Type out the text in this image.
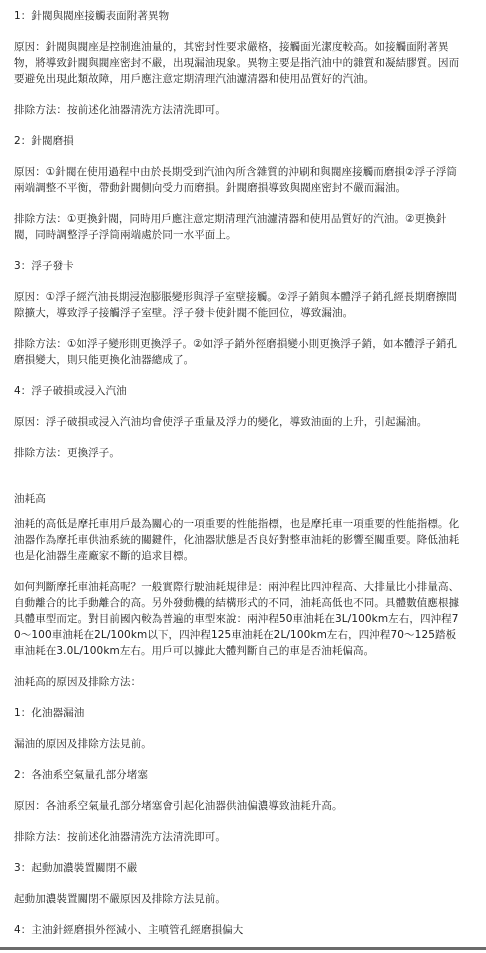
1：針閥與閥座接觸表面附著異物

原因：針閥與閥座是控制進油量的，其密封性要求嚴格，接觸面光潔度較高。如接觸面附著異物，將導致針閥與閥座密封不嚴，出現漏油現象。異物主要是指汽油中的雜質和凝結膠質。因而要避免出現此類故障，用戶應注意定期清理汽油濾清器和使用品質好的汽油。

排除方法：按前述化油器清洗方法清洗即可。

2：針閥磨損

原因：①針閥在使用過程中由於長期受到汽油內所含雜質的沖刷和與閥座接觸而磨損②浮子浮筒兩端調整不平衡，帶動針閥側向受力而磨損。針閥磨損導致與閥座密封不嚴而漏油。

排除方法：①更換針閥，同時用戶應注意定期清理汽油濾清器和使用品質好的汽油。②更換針閥，同時調整浮子浮筒兩端處於同一水平面上。

3：浮子發卡

原因：①浮子經汽油長期浸泡膨脹變形與浮子室壁接觸。②浮子銷與本體浮子銷孔經長期磨擦間隙擴大，導致浮子接觸浮子室壁。浮子發卡使針閥不能回位，導致漏油。

排除方法：①如浮子變形則更換浮子。②如浮子銷外徑磨損變小則更換浮子銷，如本體浮子銷孔磨損變大，則只能更換化油器總成了。

4：浮子破損或浸入汽油

原因：浮子破損或浸入汽油均會使浮子重量及浮力的變化，導致油面的上升，引起漏油。

排除方法：更換浮子。

油耗高

油耗的高低是摩托車用戶最為關心的一項重要的性能指標，也是摩托車一項重要的性能指標。化油器作為摩托車供油系統的關鍵件，化油器狀態是否良好對整車油耗的影響至關重要。降低油耗也是化油器生產廠家不斷的追求目標。

如何判斷摩托車油耗高呢？一般實際行駛油耗規律是：兩沖程比四沖程高、大排量比小排量高、自動離合的比手動離合的高。另外發動機的結構形式的不同，油耗高低也不同。具體數值應根據具體車型而定。對目前國內較為普遍的車型來說：兩沖程50車油耗在3L/100km左右，四沖程70～100車油耗在2L/100km以下，四沖程125車油耗在2L/100km左右，四沖程70～125踏板車油耗在3.0L/100km左右。用戶可以據此大體判斷自己的車是否油耗偏高。

油耗高的原因及排除方法：

1：化油器漏油

漏油的原因及排除方法見前。

2：各油系空氣量孔部分堵塞

原因：各油系空氣量孔部分堵塞會引起化油器供油偏濃導致油耗升高。

排除方法：按前述化油器清洗方法清洗即可。

3：起動加濃裝置關閉不嚴

起動加濃裝置關閉不嚴原因及排除方法見前。

4：主油針經磨損外徑減小、主噴管孔經磨損偏大
